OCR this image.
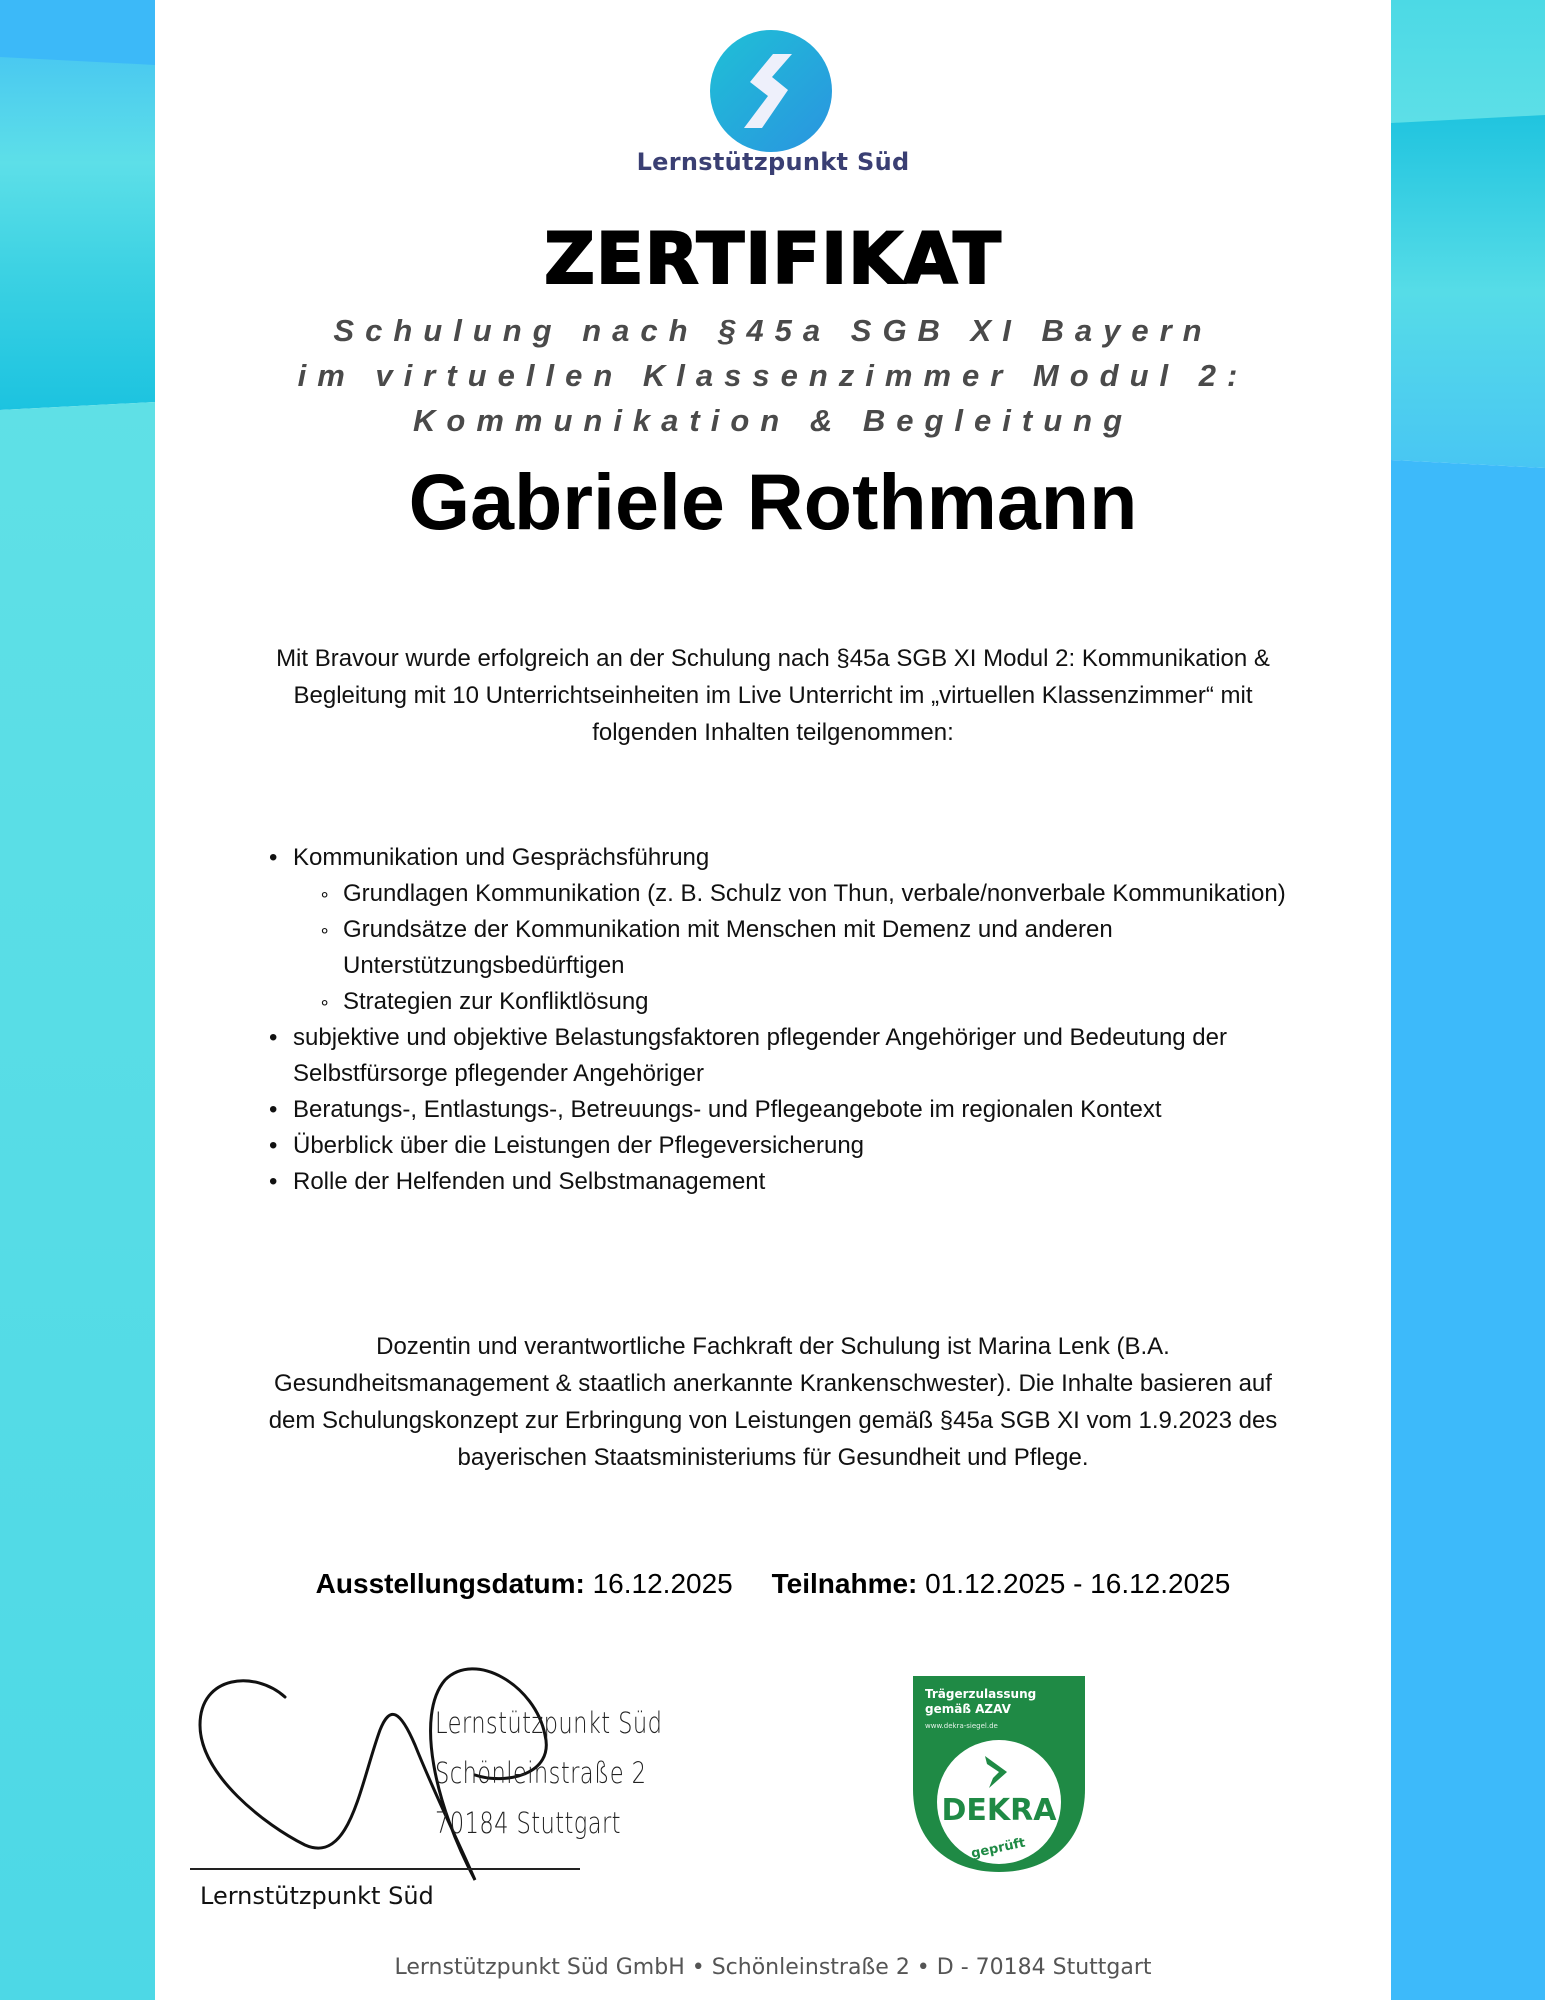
Lernstützpunkt Süd
ZERTIFIKAT
Schulung nach §45a SGB XI Bayern
im virtuellen Klassenzimmer Modul 2:
Kommunikation & Begleitung
Gabriele Rothmann
Mit Bravour wurde erfolgreich an der Schulung nach §45a SGB XI Modul 2: Kommunikation &
Begleitung mit 10 Unterrichtseinheiten im Live Unterricht im „virtuellen Klassenzimmer“ mit
folgenden Inhalten teilgenommen:
• Kommunikation und Gesprächsführung
∘ Grundlagen Kommunikation (z. B. Schulz von Thun, verbale/nonverbale Kommunikation)
∘ Grundsätze der Kommunikation mit Menschen mit Demenz und anderen Unterstützungsbedürftigen
∘ Strategien zur Konfliktlösung
• subjektive und objektive Belastungsfaktoren pflegender Angehöriger und Bedeutung der Selbstfürsorge pflegender Angehöriger
• Beratungs-, Entlastungs-, Betreuungs- und Pflegeangebote im regionalen Kontext
• Überblick über die Leistungen der Pflegeversicherung
• Rolle der Helfenden und Selbstmanagement
Dozentin und verantwortliche Fachkraft der Schulung ist Marina Lenk (B.A.
Gesundheitsmanagement & staatlich anerkannte Krankenschwester). Die Inhalte basieren auf
dem Schulungskonzept zur Erbringung von Leistungen gemäß §45a SGB XI vom 1.9.2023 des
bayerischen Staatsministeriums für Gesundheit und Pflege.
Ausstellungsdatum: 16.12.2025 Teilnahme: 01.12.2025 - 16.12.2025
Lernstützpunkt Süd
Schönleinstraße 2
70184 Stuttgart
Lernstützpunkt Süd
Trägerzulassung
gemäß AZAV
www.dekra-siegel.de
DEKRA
geprüft
Lernstützpunkt Süd GmbH • Schönleinstraße 2 • D - 70184 Stuttgart
